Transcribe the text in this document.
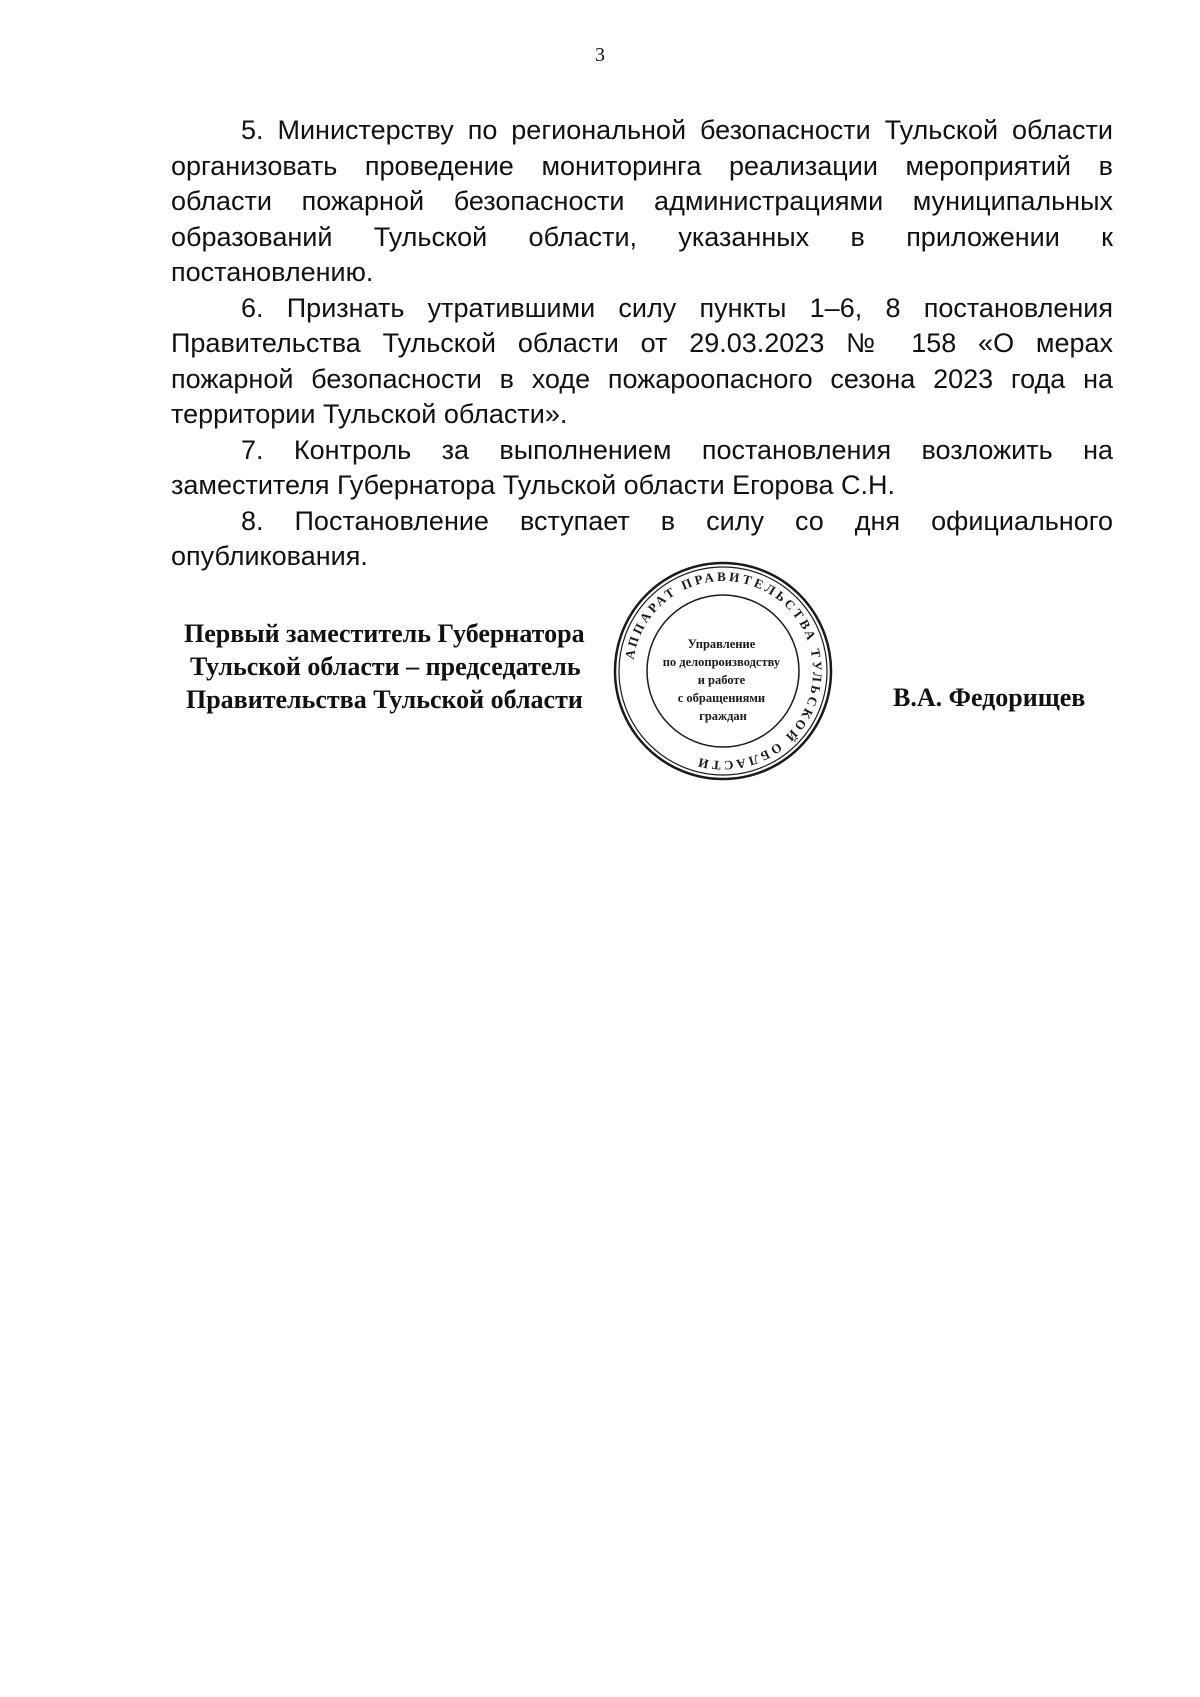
3

5. Министерству по региональной безопасности Тульской области организовать проведение мониторинга реализации мероприятий в области пожарной безопасности администрациями муниципальных образований Тульской области, указанных в приложении к постановлению.

6. Признать утратившими силу пункты 1–6, 8 постановления Правительства Тульской области от 29.03.2023 № 158 «О мерах пожарной безопасности в ходе пожароопасного сезона 2023 года на территории Тульской области».

7. Контроль за выполнением постановления возложить на заместителя Губернатора Тульской области Егорова С.Н.

8. Постановление вступает в силу со дня официального опубликования.

Первый заместитель Губернатора
Тульской области – председатель
Правительства Тульской области	В.А. Федорищев
АППАРАТ ПРАВИТЕЛЬСТВА ТУЛЬСКОЙ ОБЛАСТИ
Управление по делопроизводству и работе с обращениями граждан
